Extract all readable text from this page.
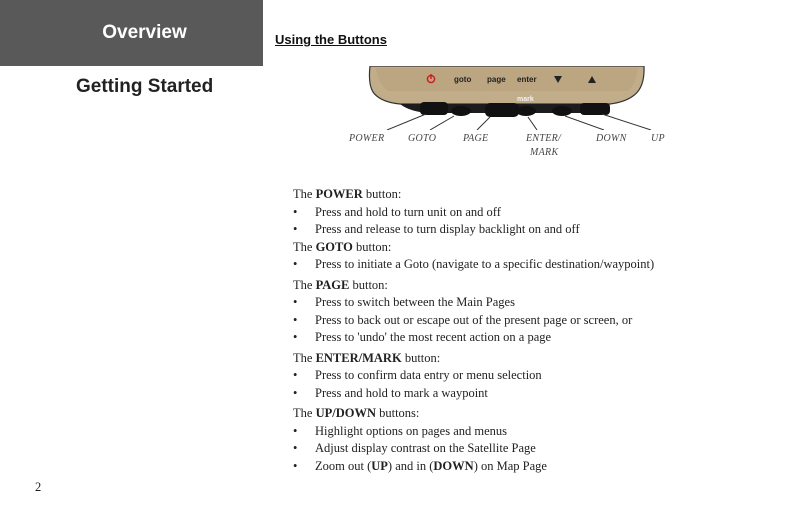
Overview
Getting Started
Using the Buttons
goto page enter
mark
POWER GOTO	PAGE	ENTER/
MARK
DOWN UP
The POWER button:
• Press and hold to turn unit on and off
• Press and release to turn display backlight on and off
The GOTO button:
• Press to initiate a Goto (navigate to a specific destination/waypoint)
The PAGE button:
• Press to switch between the Main Pages
• Press to back out or escape out of the present page or screen, or
• Press to 'undo' the most recent action on a page
The ENTER/MARK button:
• Press to confirm data entry or menu selection
• Press and hold to mark a waypoint
The UP/DOWN buttons:
• Highlight options on pages and menus
• Adjust display contrast on the Satellite Page
• Zoom out (UP) and in (DOWN) on Map Page
2
